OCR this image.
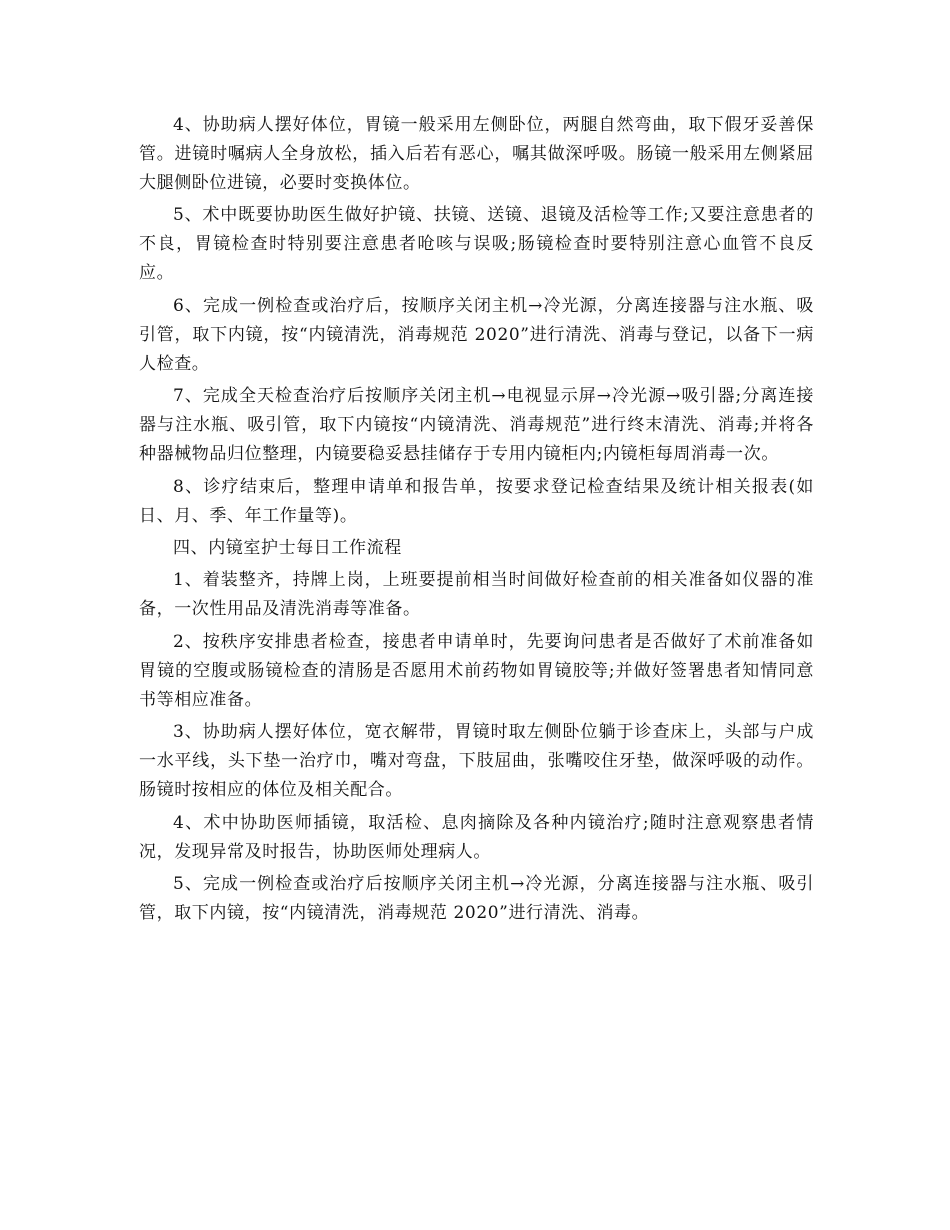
4、协助病人摆好体位，胃镜一般采用左侧卧位，两腿自然弯曲，取下假牙妥善保管。进镜时嘱病人全身放松，插入后若有恶心，嘱其做深呼吸。肠镜一般采用左侧紧屈大腿侧卧位进镜，必要时变换体位。

5、术中既要协助医生做好护镜、扶镜、送镜、退镜及活检等工作;又要注意患者的不良，胃镜检查时特别要注意患者呛咳与误吸;肠镜检查时要特别注意心血管不良反应。

6、完成一例检查或治疗后，按顺序关闭主机→冷光源，分离连接器与注水瓶、吸引管，取下内镜，按“内镜清洗，消毒规范 2020”进行清洗、消毒与登记，以备下一病人检查。

7、完成全天检查治疗后按顺序关闭主机→电视显示屏→冷光源→吸引器;分离连接器与注水瓶、吸引管，取下内镜按“内镜清洗、消毒规范”进行终末清洗、消毒;并将各种器械物品归位整理，内镜要稳妥悬挂储存于专用内镜柜内;内镜柜每周消毒一次。

8、诊疗结束后，整理申请单和报告单，按要求登记检查结果及统计相关报表(如日、月、季、年工作量等)。

四、内镜室护士每日工作流程

1、着装整齐，持牌上岗，上班要提前相当时间做好检查前的相关准备如仪器的准备，一次性用品及清洗消毒等准备。

2、按秩序安排患者检查，接患者申请单时，先要询问患者是否做好了术前准备如胃镜的空腹或肠镜检查的清肠是否愿用术前药物如胃镜胶等;并做好签署患者知情同意书等相应准备。

3、协助病人摆好体位，宽衣解带，胃镜时取左侧卧位躺于诊查床上，头部与户成一水平线，头下垫一治疗巾，嘴对弯盘，下肢屈曲，张嘴咬住牙垫，做深呼吸的动作。肠镜时按相应的体位及相关配合。

4、术中协助医师插镜，取活检、息肉摘除及各种内镜治疗;随时注意观察患者情况，发现异常及时报告，协助医师处理病人。

5、完成一例检查或治疗后按顺序关闭主机→冷光源，分离连接器与注水瓶、吸引管，取下内镜，按“内镜清洗，消毒规范 2020”进行清洗、消毒。
